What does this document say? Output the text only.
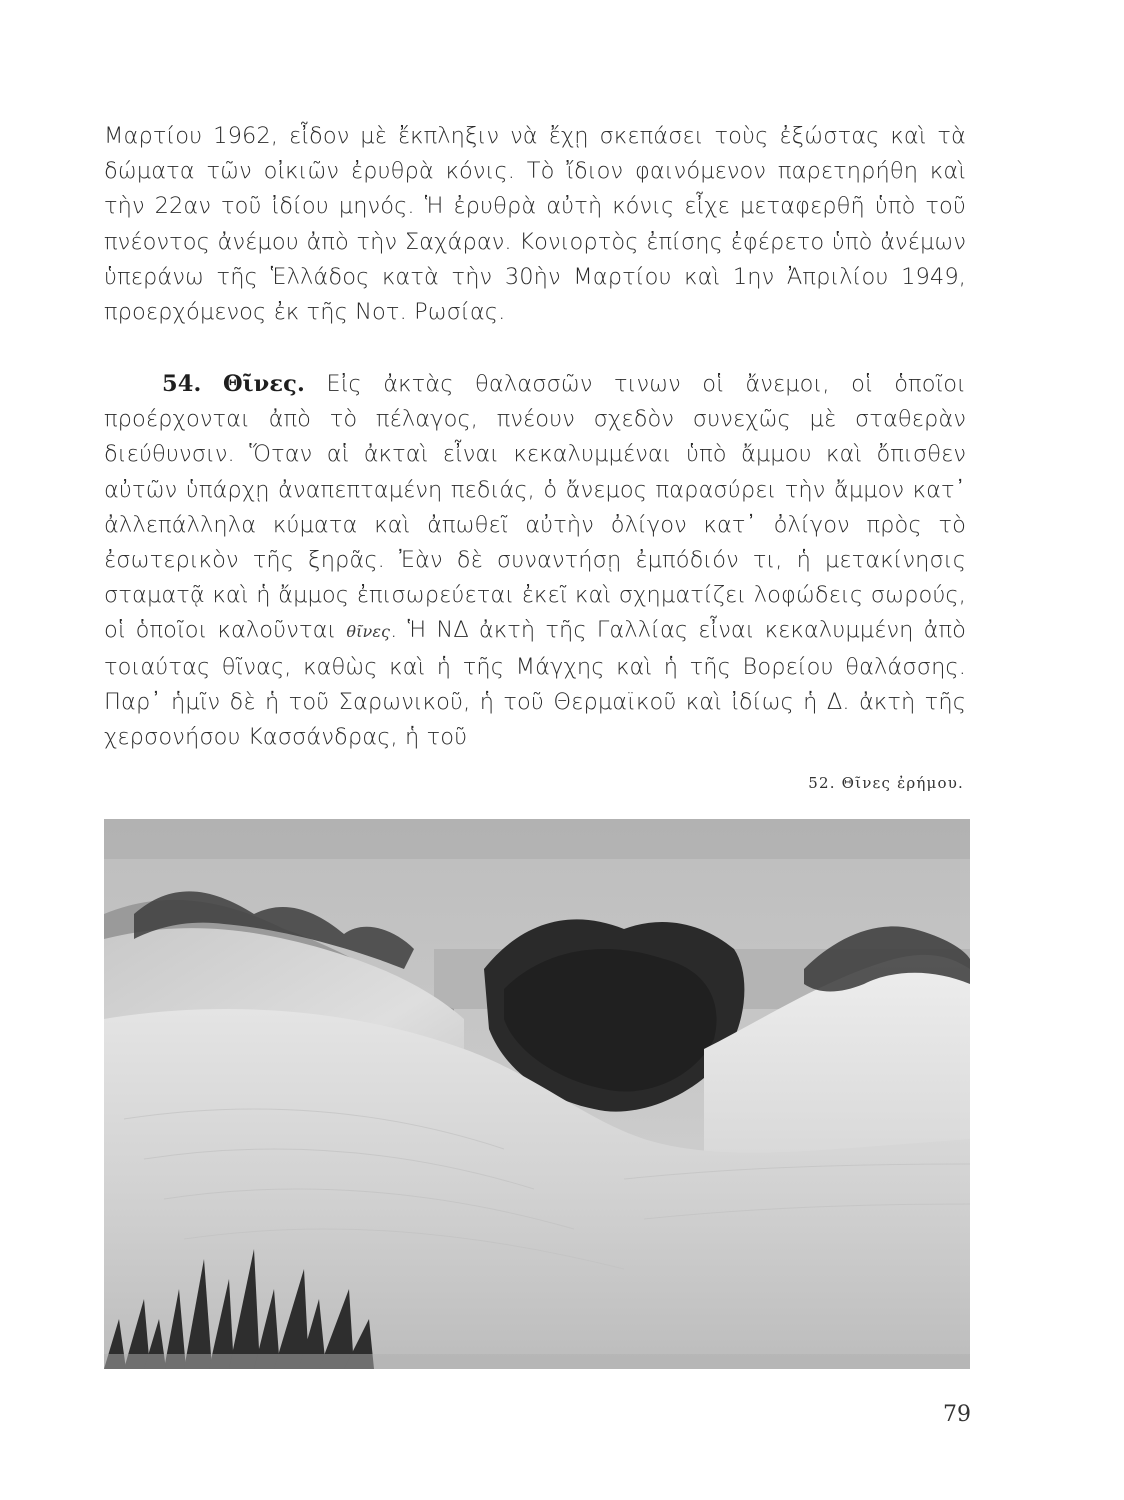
Μαρτίου 1962, εἶδον μὲ ἔκπληξιν νὰ ἔχῃ σκεπάσει τοὺς ἐξώστας καὶ τὰ δώματα τῶν οἰκιῶν ἐρυθρὰ κόνις. Τὸ ἴδιον φαινόμενον παρετηρήθη καὶ τὴν 22αν τοῦ ἰδίου μηνός. Ἡ ἐρυθρὰ αὐτὴ κόνις εἶχε μεταφερθῆ ὑπὸ τοῦ πνέοντος ἀνέμου ἀπὸ τὴν Σαχάραν. Κονιορτὸς ἐπίσης ἐφέρετο ὑπὸ ἀνέμων ὑπεράνω τῆς Ἑλλάδος κατὰ τὴν 30ὴν Μαρτίου καὶ 1ην Ἀπριλίου 1949, προερχόμενος ἐκ τῆς Νοτ. Ρωσίας.

54. Θῖνες. Εἰς ἀκτὰς θαλασσῶν τινων οἱ ἄνεμοι, οἱ ὁποῖοι προέρχονται ἀπὸ τὸ πέλαγος, πνέουν σχεδὸν συνεχῶς μὲ σταθερὰν διεύθυνσιν. Ὅταν αἱ ἀκταὶ εἶναι κεκαλυμμέναι ὑπὸ ἄμμου καὶ ὄπισθεν αὐτῶν ὑπάρχῃ ἀναπεπταμένη πεδιάς, ὁ ἄνεμος παρασύρει τὴν ἄμμον κατ᾽ ἀλλεπάλληλα κύματα καὶ ἀπωθεῖ αὐτὴν ὀλίγον κατ᾽ ὀλίγον πρὸς τὸ ἐσωτερικὸν τῆς ξηρᾶς. Ἐὰν δὲ συναντήσῃ ἐμπόδιόν τι, ἡ μετακίνησις σταματᾷ καὶ ἡ ἄμμος ἐπισωρεύεται ἐκεῖ καὶ σχηματίζει λοφώδεις σωρούς, οἱ ὁποῖοι καλοῦνται θῖνες. Ἡ ΝΔ ἀκτὴ τῆς Γαλλίας εἶναι κεκαλυμμένη ἀπὸ τοιαύτας θῖνας, καθὼς καὶ ἡ τῆς Μάγχης καὶ ἡ τῆς Βορείου θαλάσσης. Παρ᾽ ἡμῖν δὲ ἡ τοῦ Σαρωνικοῦ, ἡ τοῦ Θερμαϊκοῦ καὶ ἰδίως ἡ Δ. ἀκτὴ τῆς χερσονήσου Κασσάνδρας, ἡ τοῦ

52. Θῖνες ἐρήμου.
79
